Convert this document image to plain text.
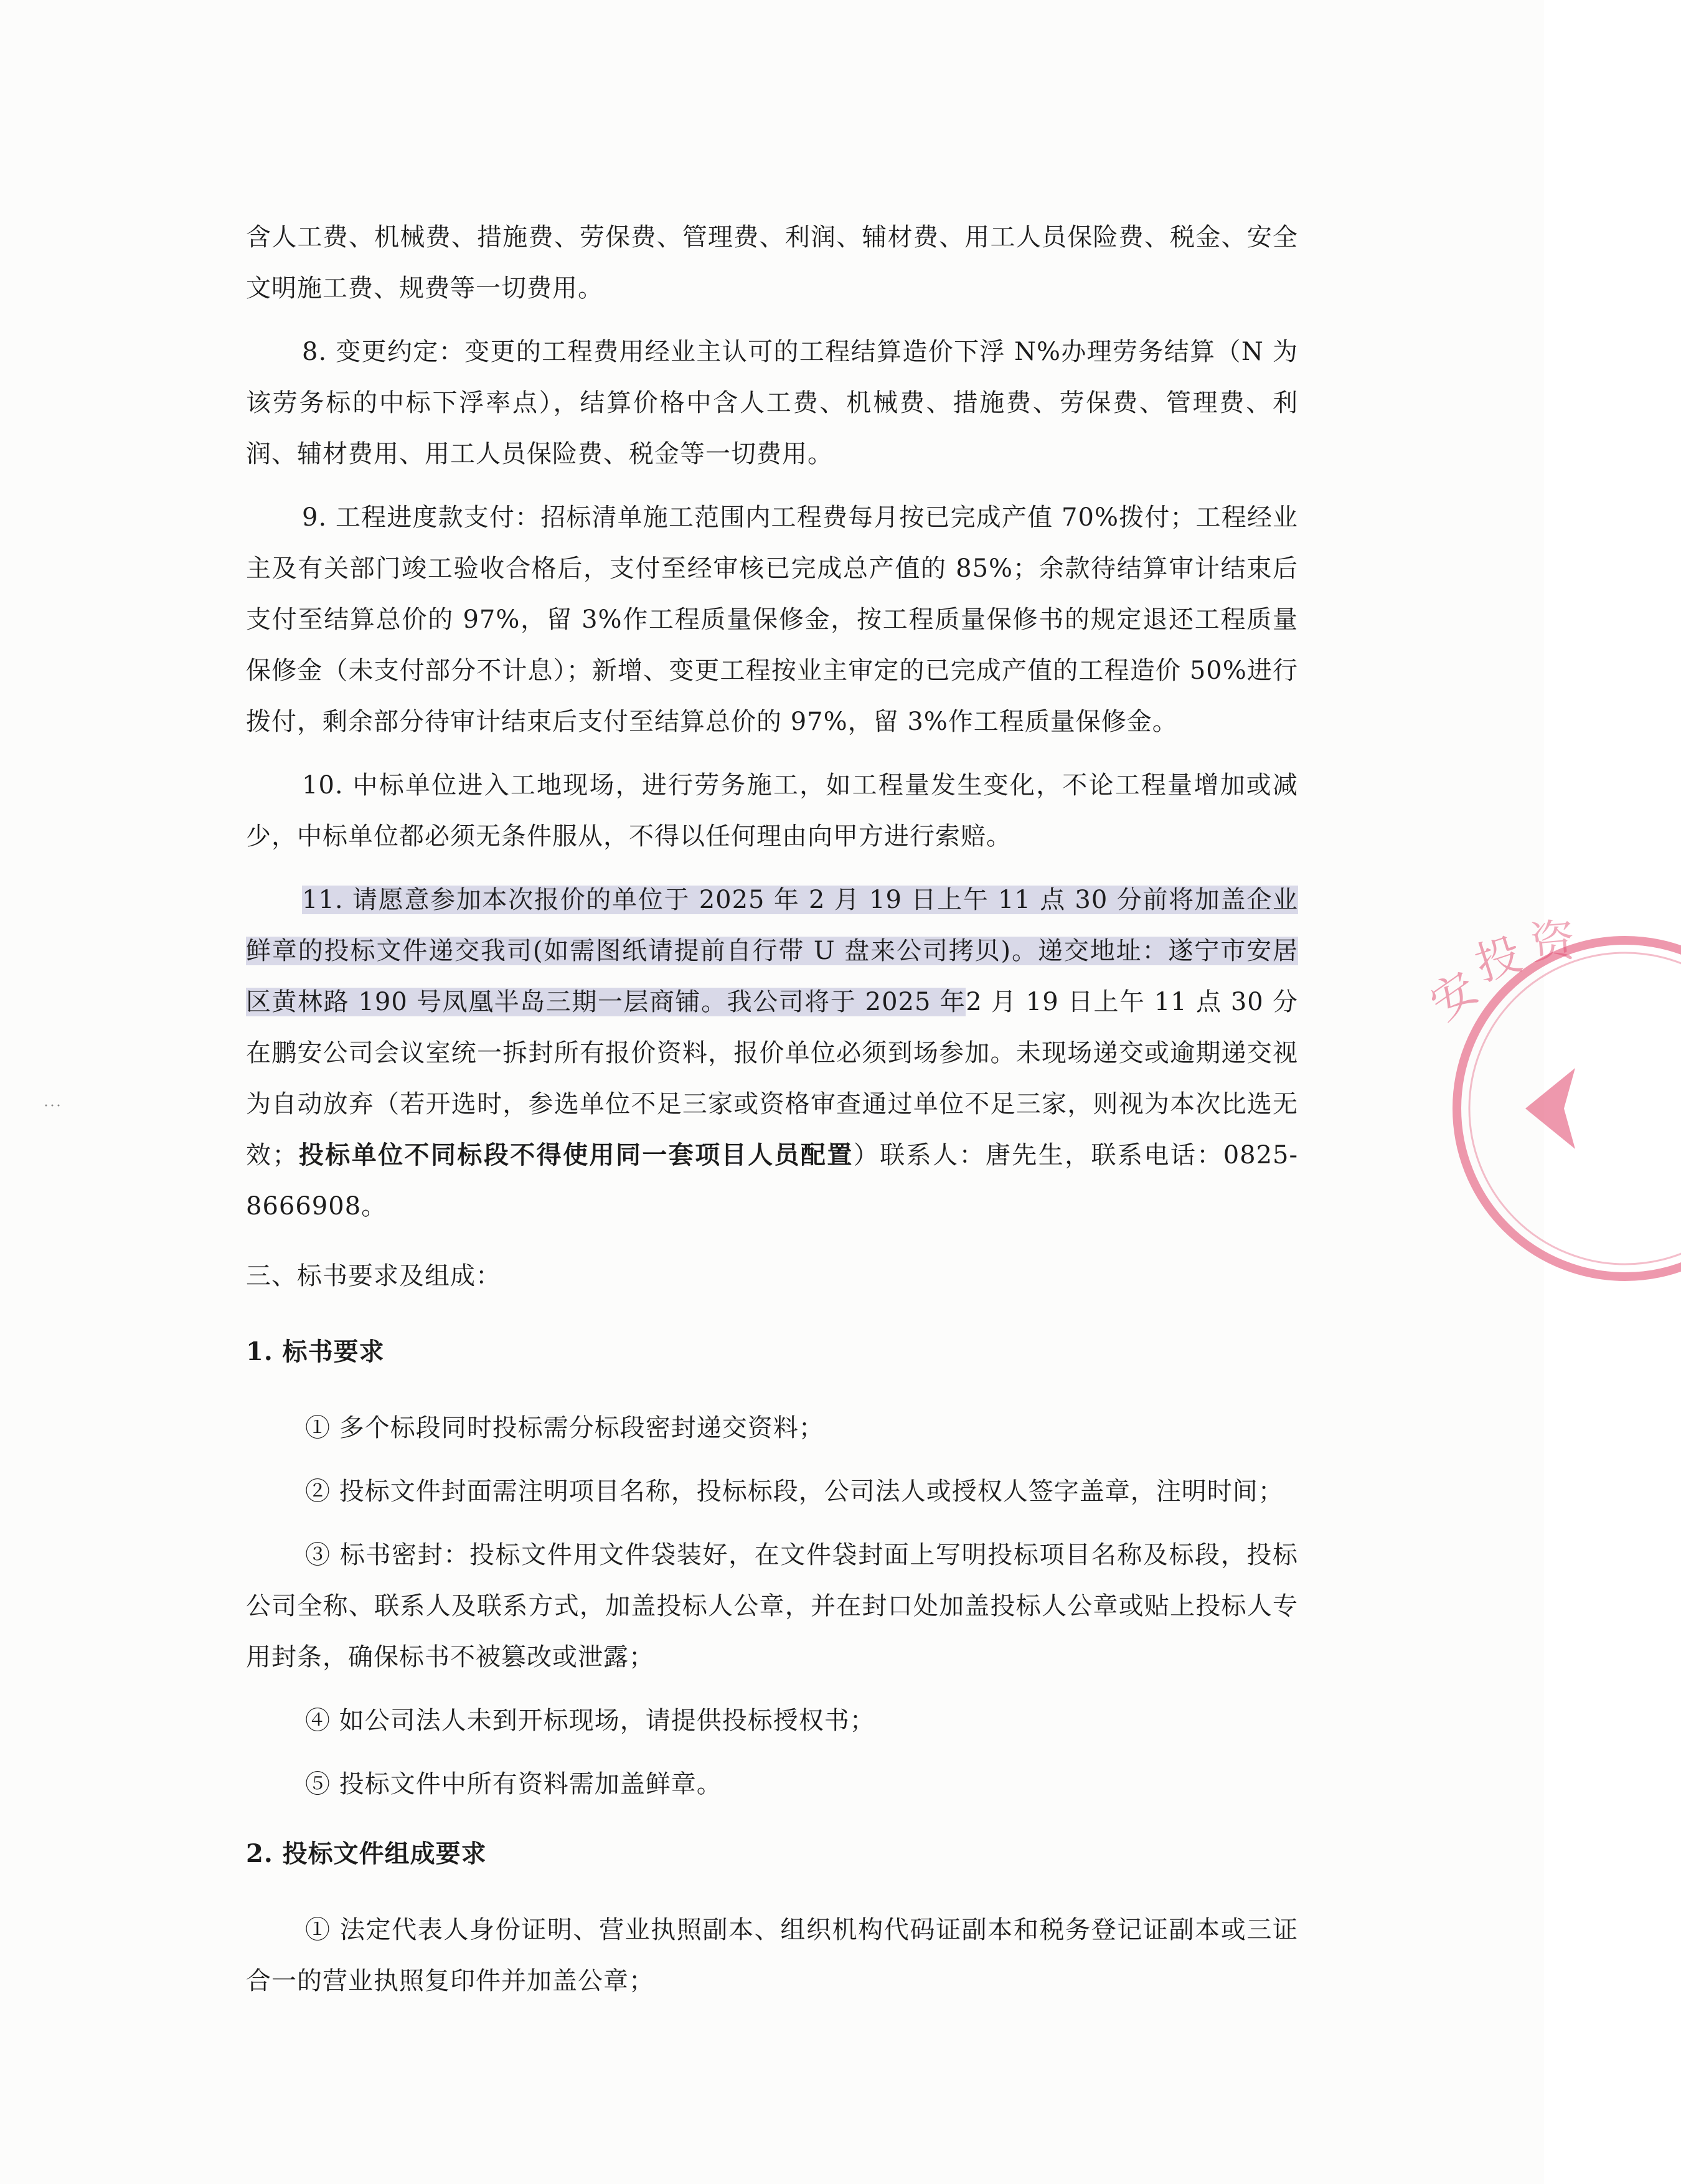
含人工费、机械费、措施费、劳保费、管理费、利润、辅材费、用工人员保险费、税金、安全文明施工费、规费等一切费用。

8. 变更约定：变更的工程费用经业主认可的工程结算造价下浮 N%办理劳务结算（N 为该劳务标的中标下浮率点），结算价格中含人工费、机械费、措施费、劳保费、管理费、利润、辅材费用、用工人员保险费、税金等一切费用。

9. 工程进度款支付：招标清单施工范围内工程费每月按已完成产值 70%拨付；工程经业主及有关部门竣工验收合格后，支付至经审核已完成总产值的 85%；余款待结算审计结束后支付至结算总价的 97%，留 3%作工程质量保修金，按工程质量保修书的规定退还工程质量保修金（未支付部分不计息）；新增、变更工程按业主审定的已完成产值的工程造价 50%进行拨付，剩余部分待审计结束后支付至结算总价的 97%，留 3%作工程质量保修金。

10. 中标单位进入工地现场，进行劳务施工，如工程量发生变化，不论工程量增加或减少，中标单位都必须无条件服从，不得以任何理由向甲方进行索赔。

11. 请愿意参加本次报价的单位于 2025 年 2 月 19 日上午 11 点 30 分前将加盖企业鲜章的投标文件递交我司(如需图纸请提前自行带 U 盘来公司拷贝)。递交地址：遂宁市安居区黄林路 190 号凤凰半岛三期一层商铺。我公司将于 2025 年2 月 19 日上午 11 点 30 分在鹏安公司会议室统一拆封所有报价资料，报价单位必须到场参加。未现场递交或逾期递交视为自动放弃（若开选时，参选单位不足三家或资格审查通过单位不足三家，则视为本次比选无效；投标单位不同标段不得使用同一套项目人员配置）联系人：唐先生，联系电话：0825-8666908。

三、标书要求及组成：
1. 标书要求

① 多个标段同时投标需分标段密封递交资料；

② 投标文件封面需注明项目名称，投标标段，公司法人或授权人签字盖章，注明时间；

③ 标书密封：投标文件用文件袋装好，在文件袋封面上写明投标项目名称及标段，投标公司全称、联系人及联系方式，加盖投标人公章，并在封口处加盖投标人公章或贴上投标人专用封条，确保标书不被篡改或泄露；

④ 如公司法人未到开标现场，请提供投标授权书；

⑤ 投标文件中所有资料需加盖鲜章。

2. 投标文件组成要求

① 法定代表人身份证明、营业执照副本、组织机构代码证副本和税务登记证副本或三证合一的营业执照复印件并加盖公章；

安
投 资
